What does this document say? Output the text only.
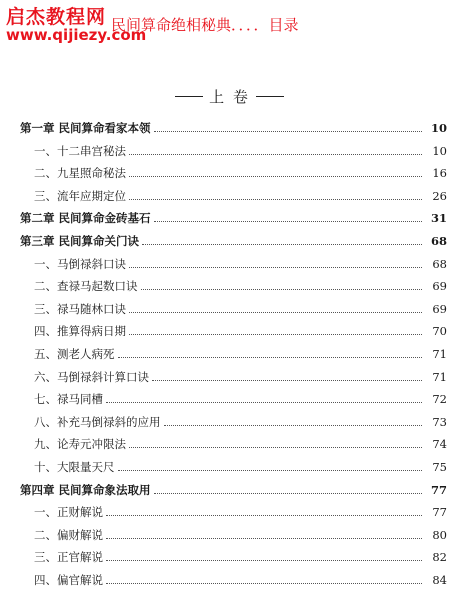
启杰教程网
www.qijiezy.com
民间算命绝相秘典．．．．目录
上 卷
第一章 民间算命看家本领	10
一、十二串宫秘法	10
二、九星照命秘法	16
三、流年应期定位	26
第二章 民间算命金砖基石	31
第三章 民间算命关门诀	68
一、马倒禄斜口诀	68
二、查禄马起数口诀	69
三、禄马随林口诀	69
四、推算得病日期	70
五、测老人病死	71
六、马倒禄斜计算口诀	71
七、禄马同槽	72
八、补充马倒禄斜的应用	73
九、论寿元冲限法	74
十、大限量天尺	75
第四章 民间算命象法取用	77
一、正财解说	77
二、偏财解说	80
三、正官解说	82
四、偏官解说	84
